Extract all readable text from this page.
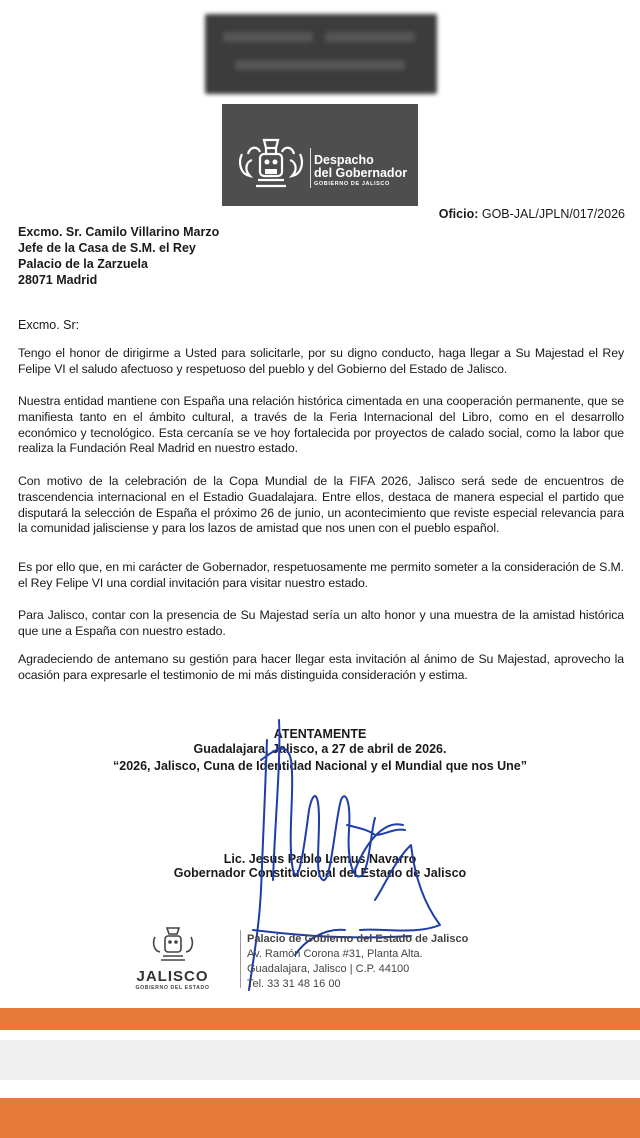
Despacho
del Gobernador
GOBIERNO DE JALISCO
Oficio: GOB-JAL/JPLN/017/2026
Excmo. Sr. Camilo Villarino Marzo
Jefe de la Casa de S.M. el Rey
Palacio de la Zarzuela
28071 Madrid
Excmo. Sr:
Tengo el honor de dirigirme a Usted para solicitarle, por su digno conducto, haga llegar a Su Majestad el Rey Felipe VI el saludo afectuoso y respetuoso del pueblo y del Gobierno del Estado de Jalisco.
Nuestra entidad mantiene con España una relación histórica cimentada en una cooperación permanente, que se manifiesta tanto en el ámbito cultural, a través de la Feria Internacional del Libro, como en el desarrollo económico y tecnológico. Esta cercanía se ve hoy fortalecida por proyectos de calado social, como la labor que realiza la Fundación Real Madrid en nuestro estado.
Con motivo de la celebración de la Copa Mundial de la FIFA 2026, Jalisco será sede de encuentros de trascendencia internacional en el Estadio Guadalajara. Entre ellos, destaca de manera especial el partido que disputará la selección de España el próximo 26 de junio, un acontecimiento que reviste especial relevancia para la comunidad jalisciense y para los lazos de amistad que nos unen con el pueblo español.
Es por ello que, en mi carácter de Gobernador, respetuosamente me permito someter a la consideración de S.M. el Rey Felipe VI una cordial invitación para visitar nuestro estado.
Para Jalisco, contar con la presencia de Su Majestad sería un alto honor y una muestra de la amistad histórica que une a España con nuestro estado.
Agradeciendo de antemano su gestión para hacer llegar esta invitación al ánimo de Su Majestad, aprovecho la ocasión para expresarle el testimonio de mi más distinguida consideración y estima.
ATENTAMENTE
Guadalajara, Jalisco, a 27 de abril de 2026.
“2026, Jalisco, Cuna de Identidad Nacional y el Mundial que nos Une”
Lic. Jesús Pablo Lemus Navarro
Gobernador Constitucional del Estado de Jalisco
JALISCO
GOBIERNO DEL ESTADO
Palacio de Gobierno del Estado de Jalisco
Av. Ramón Corona #31, Planta Alta.
Guadalajara, Jalisco | C.P. 44100
Tel. 33 31 48 16 00
